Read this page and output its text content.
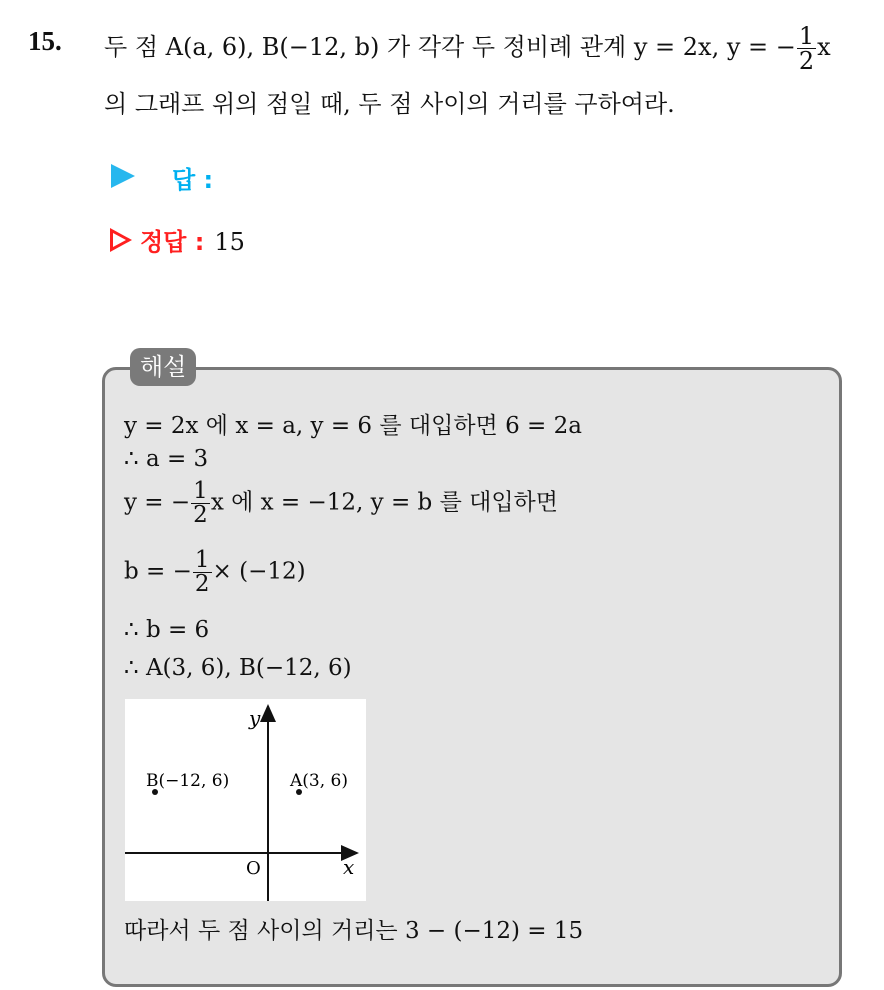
15. 두 점 A(a, 6), B(−12, b) 가 각각 두 정비례 관계 y = 2x, y = − $\frac{1}{2}$ x
의 그래프 위의 점일 때, 두 점 사이의 거리를 구하여라.
답 :
정답 : 15
해설
y = 2x 에 x = a, y = 6 를 대입하면 6 = 2a
∴ a = 3
y = − $\frac{1}{2}$ x 에 x = −12, y = b 를 대입하면
b = − $\frac{1}{2} \times (-12)$
∴ b = 6
∴ A(3, 6), B(−12, 6)
y
x
O
B(−12, 6)	A(3, 6)
따라서 두 점 사이의 거리는 3 − (−12) = 15
